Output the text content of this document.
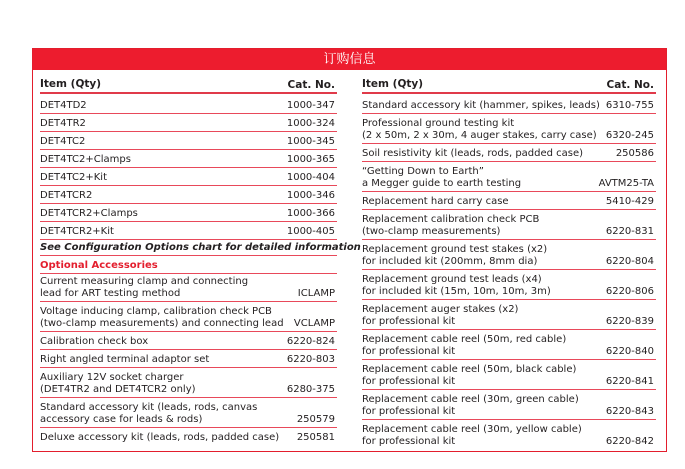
订购信息
Item (Qty)	Cat. No.
DET4TD2	1000-347
DET4TR2	1000-324
DET4TC2	1000-345
DET4TC2+Clamps	1000-365
DET4TC2+Kit	1000-404
DET4TCR2	1000-346
DET4TCR2+Clamps	1000-366
DET4TCR2+Kit	1000-405
See Configuration Options chart for detailed information
Optional Accessories
Current measuring clamp and connecting
lead for ART testing method	ICLAMP
Voltage inducing clamp, calibration check PCB
(two-clamp measurements) and connecting lead	VCLAMP
Calibration check box	6220-824
Right angled terminal adaptor set	6220-803
Auxiliary 12V socket charger
(DET4TR2 and DET4TCR2 only)	6280-375
Standard accessory kit (leads, rods, canvas
accessory case for leads & rods)	250579
Deluxe accessory kit (leads, rods, padded case)	250581
Item (Qty)	Cat. No.
Standard accessory kit (hammer, spikes, leads) 6310-755
Professional ground testing kit
(2 x 50m, 2 x 30m, 4 auger stakes, carry case) 6320-245
Soil resistivity kit (leads, rods, padded case)	250586
“Getting Down to Earth”
a Megger guide to earth testing	AVTM25-TA
Replacement hard carry case	5410-429
Replacement calibration check PCB
(two-clamp measurements)	6220-831
Replacement ground test stakes (x2)
for included kit (200mm, 8mm dia)	6220-804
Replacement ground test leads (x4)
for included kit (15m, 10m, 10m, 3m)	6220-806
Replacement auger stakes (x2)
for professional kit	6220-839
Replacement cable reel (50m, red cable)
for professional kit	6220-840
Replacement cable reel (50m, black cable)
for professional kit	6220-841
Replacement cable reel (30m, green cable)
for professional kit	6220-843
Replacement cable reel (30m, yellow cable)
for professional kit	6220-842
